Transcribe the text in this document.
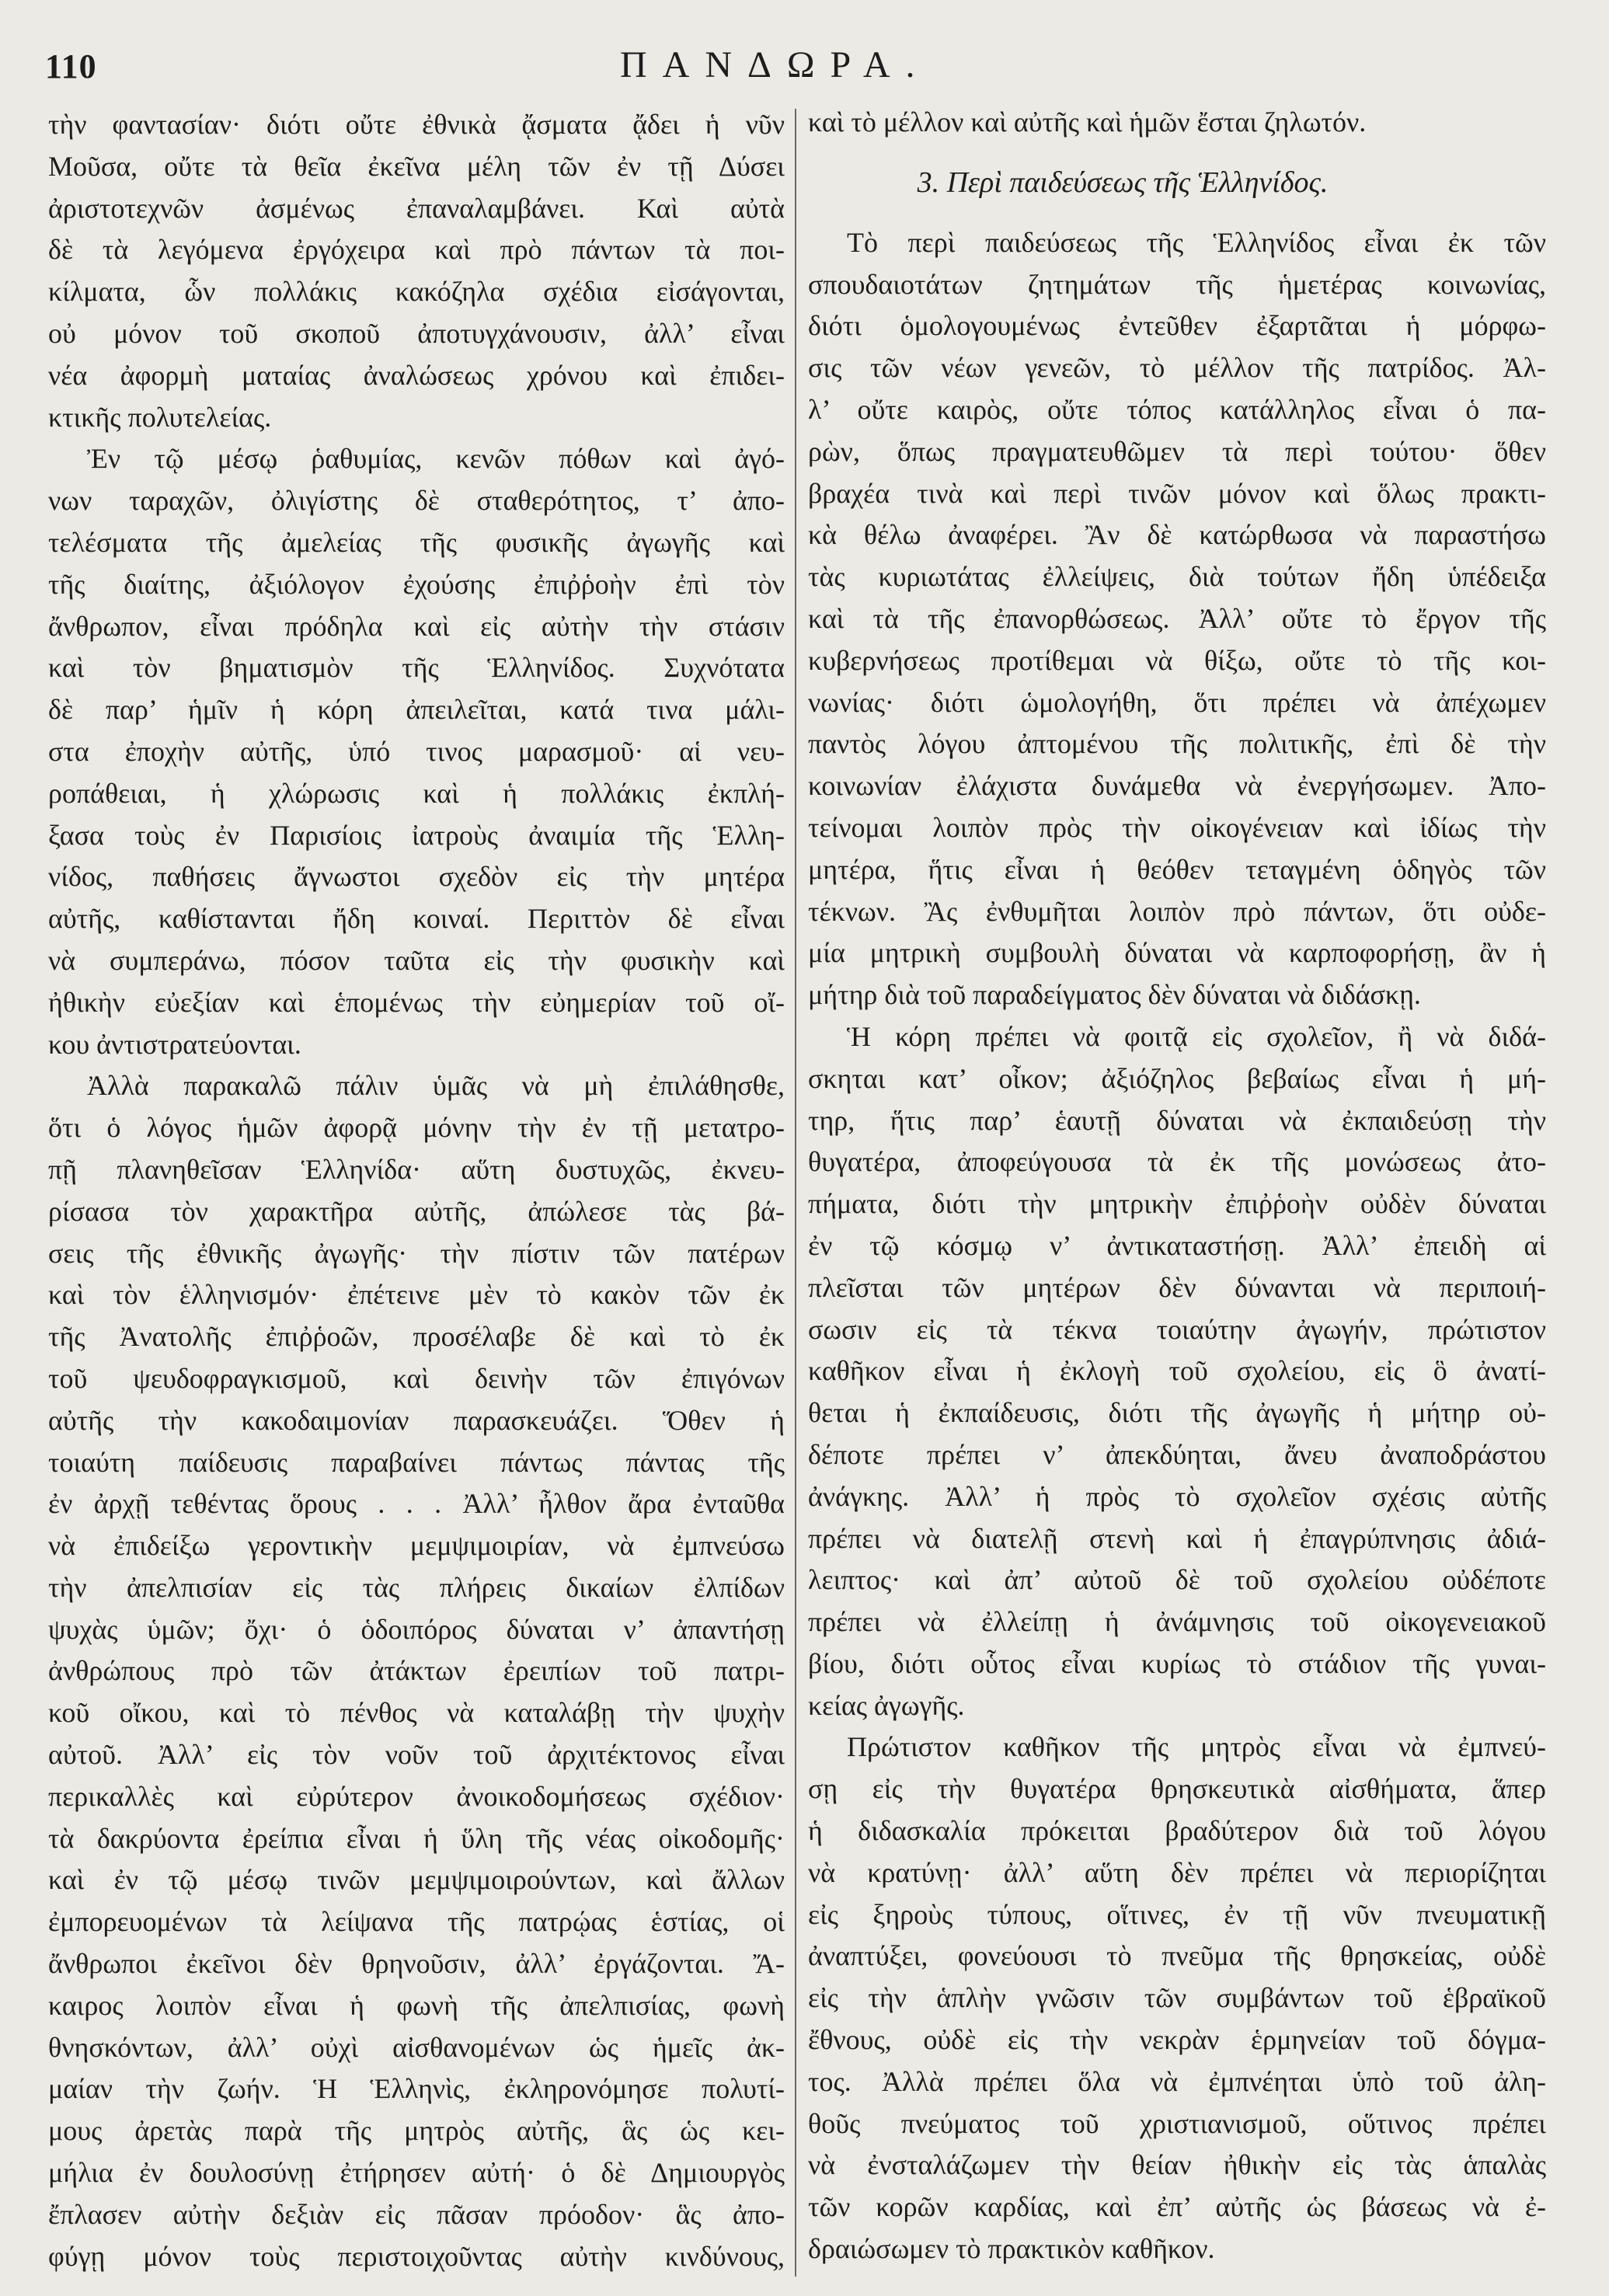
110	ΠΑΝΔΩΡΑ.
τὴν φαντασίαν· διότι οὔτε ἐθνικὰ ᾄσματα ᾄδει ἡ νῦν
Μοῦσα, οὔτε τὰ θεῖα ἐκεῖνα μέλη τῶν ἐν τῇ Δύσει
ἀριστοτεχνῶν ἀσμένως ἐπαναλαμβάνει. Καὶ αὐτὰ
δὲ τὰ λεγόμενα ἐργόχειρα καὶ πρὸ πάντων τὰ ποι-
κίλματα, ὧν πολλάκις κακόζηλα σχέδια εἰσάγονται,
οὐ μόνον τοῦ σκοποῦ ἀποτυγχάνουσιν, ἀλλ’ εἶναι
νέα ἀφορμὴ ματαίας ἀναλώσεως χρόνου καὶ ἐπιδει-
κτικῆς πολυτελείας.
Ἐν τῷ μέσῳ ῥαθυμίας, κενῶν πόθων καὶ ἀγό-
νων ταραχῶν, ὀλιγίστης δὲ σταθερότητος, τ’ ἀπο-
τελέσματα τῆς ἀμελείας τῆς φυσικῆς ἀγωγῆς καὶ
τῆς διαίτης, ἀξιόλογον ἐχούσης ἐπιῤῥοὴν ἐπὶ τὸν
ἄνθρωπον, εἶναι πρόδηλα καὶ εἰς αὐτὴν τὴν στάσιν
καὶ τὸν βηματισμὸν τῆς Ἑλληνίδος. Συχνότατα
δὲ παρ’ ἡμῖν ἡ κόρη ἀπειλεῖται, κατά τινα μάλι-
στα ἐποχὴν αὐτῆς, ὑπό τινος μαρασμοῦ· αἱ νευ-
ροπάθειαι, ἡ χλώρωσις καὶ ἡ πολλάκις ἐκπλή-
ξασα τοὺς ἐν Παρισίοις ἰατροὺς ἀναιμία τῆς Ἑλλη-
νίδος, παθήσεις ἄγνωστοι σχεδὸν εἰς τὴν μητέρα
αὐτῆς, καθίστανται ἤδη κοιναί. Περιττὸν δὲ εἶναι
νὰ συμπεράνω, πόσον ταῦτα εἰς τὴν φυσικὴν καὶ
ἠθικὴν εὐεξίαν καὶ ἑπομένως τὴν εὐημερίαν τοῦ οἴ-
κου ἀντιστρατεύονται.
Ἀλλὰ παρακαλῶ πάλιν ὑμᾶς νὰ μὴ ἐπιλάθησθε,
ὅτι ὁ λόγος ἡμῶν ἀφορᾷ μόνην τὴν ἐν τῇ μετατρο-
πῇ πλανηθεῖσαν Ἑλληνίδα· αὕτη δυστυχῶς, ἐκνευ-
ρίσασα τὸν χαρακτῆρα αὐτῆς, ἀπώλεσε τὰς βά-
σεις τῆς ἐθνικῆς ἀγωγῆς· τὴν πίστιν τῶν πατέρων
καὶ τὸν ἑλληνισμόν· ἐπέτεινε μὲν τὸ κακὸν τῶν ἐκ
τῆς Ἀνατολῆς ἐπιῤῥοῶν, προσέλαβε δὲ καὶ τὸ ἐκ
τοῦ ψευδοφραγκισμοῦ, καὶ δεινὴν τῶν ἐπιγόνων
αὐτῆς τὴν κακοδαιμονίαν παρασκευάζει. Ὅθεν ἡ
τοιαύτη παίδευσις παραβαίνει πάντως πάντας τῆς
ἐν ἀρχῇ τεθέντας ὅρους . . . Ἀλλ’ ἦλθον ἄρα ἐνταῦθα
νὰ ἐπιδείξω γεροντικὴν μεμψιμοιρίαν, νὰ ἐμπνεύσω
τὴν ἀπελπισίαν εἰς τὰς πλήρεις δικαίων ἐλπίδων
ψυχὰς ὑμῶν; ὄχι· ὁ ὁδοιπόρος δύναται ν’ ἀπαντήσῃ
ἀνθρώπους πρὸ τῶν ἀτάκτων ἐρειπίων τοῦ πατρι-
κοῦ οἴκου, καὶ τὸ πένθος νὰ καταλάβῃ τὴν ψυχὴν
αὐτοῦ. Ἀλλ’ εἰς τὸν νοῦν τοῦ ἀρχιτέκτονος εἶναι
περικαλλὲς καὶ εὐρύτερον ἀνοικοδομήσεως σχέδιον·
τὰ δακρύοντα ἐρείπια εἶναι ἡ ὕλη τῆς νέας οἰκοδομῆς·
καὶ ἐν τῷ μέσῳ τινῶν μεμψιμοιρούντων, καὶ ἄλλων
ἐμπορευομένων τὰ λείψανα τῆς πατρῴας ἑστίας, οἱ
ἄνθρωποι ἐκεῖνοι δὲν θρηνοῦσιν, ἀλλ’ ἐργάζονται. Ἄ-
καιρος λοιπὸν εἶναι ἡ φωνὴ τῆς ἀπελπισίας, φωνὴ
θνησκόντων, ἀλλ’ οὐχὶ αἰσθανομένων ὡς ἡμεῖς ἀκ-
μαίαν τὴν ζωήν. Ἡ Ἑλληνὶς, ἐκληρονόμησε πολυτί-
μους ἀρετὰς παρὰ τῆς μητρὸς αὐτῆς, ἃς ὡς κει-
μήλια ἐν δουλοσύνῃ ἐτήρησεν αὐτή· ὁ δὲ Δημιουργὸς
ἔπλασεν αὐτὴν δεξιὰν εἰς πᾶσαν πρόοδον· ἃς ἀπο-
φύγῃ μόνον τοὺς περιστοιχοῦντας αὐτὴν κινδύνους,
καὶ τὸ μέλλον καὶ αὐτῆς καὶ ἡμῶν ἔσται ζηλωτόν.
3. Περὶ παιδεύσεως τῆς Ἑλληνίδος.
Τὸ περὶ παιδεύσεως τῆς Ἑλληνίδος εἶναι ἐκ τῶν
σπουδαιοτάτων ζητημάτων τῆς ἡμετέρας κοινωνίας,
διότι ὁμολογουμένως ἐντεῦθεν ἐξαρτᾶται ἡ μόρφω-
σις τῶν νέων γενεῶν, τὸ μέλλον τῆς πατρίδος. Ἀλ-
λ’ οὔτε καιρὸς, οὔτε τόπος κατάλληλος εἶναι ὁ πα-
ρὼν, ὅπως πραγματευθῶμεν τὰ περὶ τούτου· ὅθεν
βραχέα τινὰ καὶ περὶ τινῶν μόνον καὶ ὅλως πρακτι-
κὰ θέλω ἀναφέρει. Ἂν δὲ κατώρθωσα νὰ παραστήσω
τὰς κυριωτάτας ἐλλείψεις, διὰ τούτων ἤδη ὑπέδειξα
καὶ τὰ τῆς ἐπανορθώσεως. Ἀλλ’ οὔτε τὸ ἔργον τῆς
κυβερνήσεως προτίθεμαι νὰ θίξω, οὔτε τὸ τῆς κοι-
νωνίας· διότι ὡμολογήθη, ὅτι πρέπει νὰ ἀπέχωμεν
παντὸς λόγου ἀπτομένου τῆς πολιτικῆς, ἐπὶ δὲ τὴν
κοινωνίαν ἐλάχιστα δυνάμεθα νὰ ἐνεργήσωμεν. Ἀπο-
τείνομαι λοιπὸν πρὸς τὴν οἰκογένειαν καὶ ἰδίως τὴν
μητέρα, ἥτις εἶναι ἡ θεόθεν τεταγμένη ὁδηγὸς τῶν
τέκνων. Ἂς ἐνθυμῆται λοιπὸν πρὸ πάντων, ὅτι οὐδε-
μία μητρικὴ συμβουλὴ δύναται νὰ καρποφορήσῃ, ἂν ἡ
μήτηρ διὰ τοῦ παραδείγματος δὲν δύναται νὰ διδάσκῃ.
Ἡ κόρη πρέπει νὰ φοιτᾷ εἰς σχολεῖον, ἢ νὰ διδά-
σκηται κατ’ οἶκον; ἀξιόζηλος βεβαίως εἶναι ἡ μή-
τηρ, ἥτις παρ’ ἑαυτῇ δύναται νὰ ἐκπαιδεύσῃ τὴν
θυγατέρα, ἀποφεύγουσα τὰ ἐκ τῆς μονώσεως ἀτο-
πήματα, διότι τὴν μητρικὴν ἐπιῤῥοὴν οὐδὲν δύναται
ἐν τῷ κόσμῳ ν’ ἀντικαταστήσῃ. Ἀλλ’ ἐπειδὴ αἱ
πλεῖσται τῶν μητέρων δὲν δύνανται νὰ περιποιή-
σωσιν εἰς τὰ τέκνα τοιαύτην ἀγωγήν, πρώτιστον
καθῆκον εἶναι ἡ ἐκλογὴ τοῦ σχολείου, εἰς ὃ ἀνατί-
θεται ἡ ἐκπαίδευσις, διότι τῆς ἀγωγῆς ἡ μήτηρ οὐ-
δέποτε πρέπει ν’ ἀπεκδύηται, ἄνευ ἀναποδράστου
ἀνάγκης. Ἀλλ’ ἡ πρὸς τὸ σχολεῖον σχέσις αὐτῆς
πρέπει νὰ διατελῇ στενὴ καὶ ἡ ἐπαγρύπνησις ἀδιά-
λειπτος· καὶ ἀπ’ αὐτοῦ δὲ τοῦ σχολείου οὐδέποτε
πρέπει νὰ ἐλλείπῃ ἡ ἀνάμνησις τοῦ οἰκογενειακοῦ
βίου, διότι οὗτος εἶναι κυρίως τὸ στάδιον τῆς γυναι-
κείας ἀγωγῆς.
Πρώτιστον καθῆκον τῆς μητρὸς εἶναι νὰ ἐμπνεύ-
σῃ εἰς τὴν θυγατέρα θρησκευτικὰ αἰσθήματα, ἅπερ
ἡ διδασκαλία πρόκειται βραδύτερον διὰ τοῦ λόγου
νὰ κρατύνῃ· ἀλλ’ αὕτη δὲν πρέπει νὰ περιορίζηται
εἰς ξηροὺς τύπους, οἵτινες, ἐν τῇ νῦν πνευματικῇ
ἀναπτύξει, φονεύουσι τὸ πνεῦμα τῆς θρησκείας, οὐδὲ
εἰς τὴν ἁπλὴν γνῶσιν τῶν συμβάντων τοῦ ἑβραϊκοῦ
ἔθνους, οὐδὲ εἰς τὴν νεκρὰν ἑρμηνείαν τοῦ δόγμα-
τος. Ἀλλὰ πρέπει ὅλα νὰ ἐμπνέηται ὑπὸ τοῦ ἀλη-
θοῦς πνεύματος τοῦ χριστιανισμοῦ, οὕτινος πρέπει
νὰ ἐνσταλάζωμεν τὴν θείαν ἠθικὴν εἰς τὰς ἁπαλὰς
τῶν κορῶν καρδίας, καὶ ἐπ’ αὐτῆς ὡς βάσεως νὰ ἐ-
δραιώσωμεν τὸ πρακτικὸν καθῆκον.
